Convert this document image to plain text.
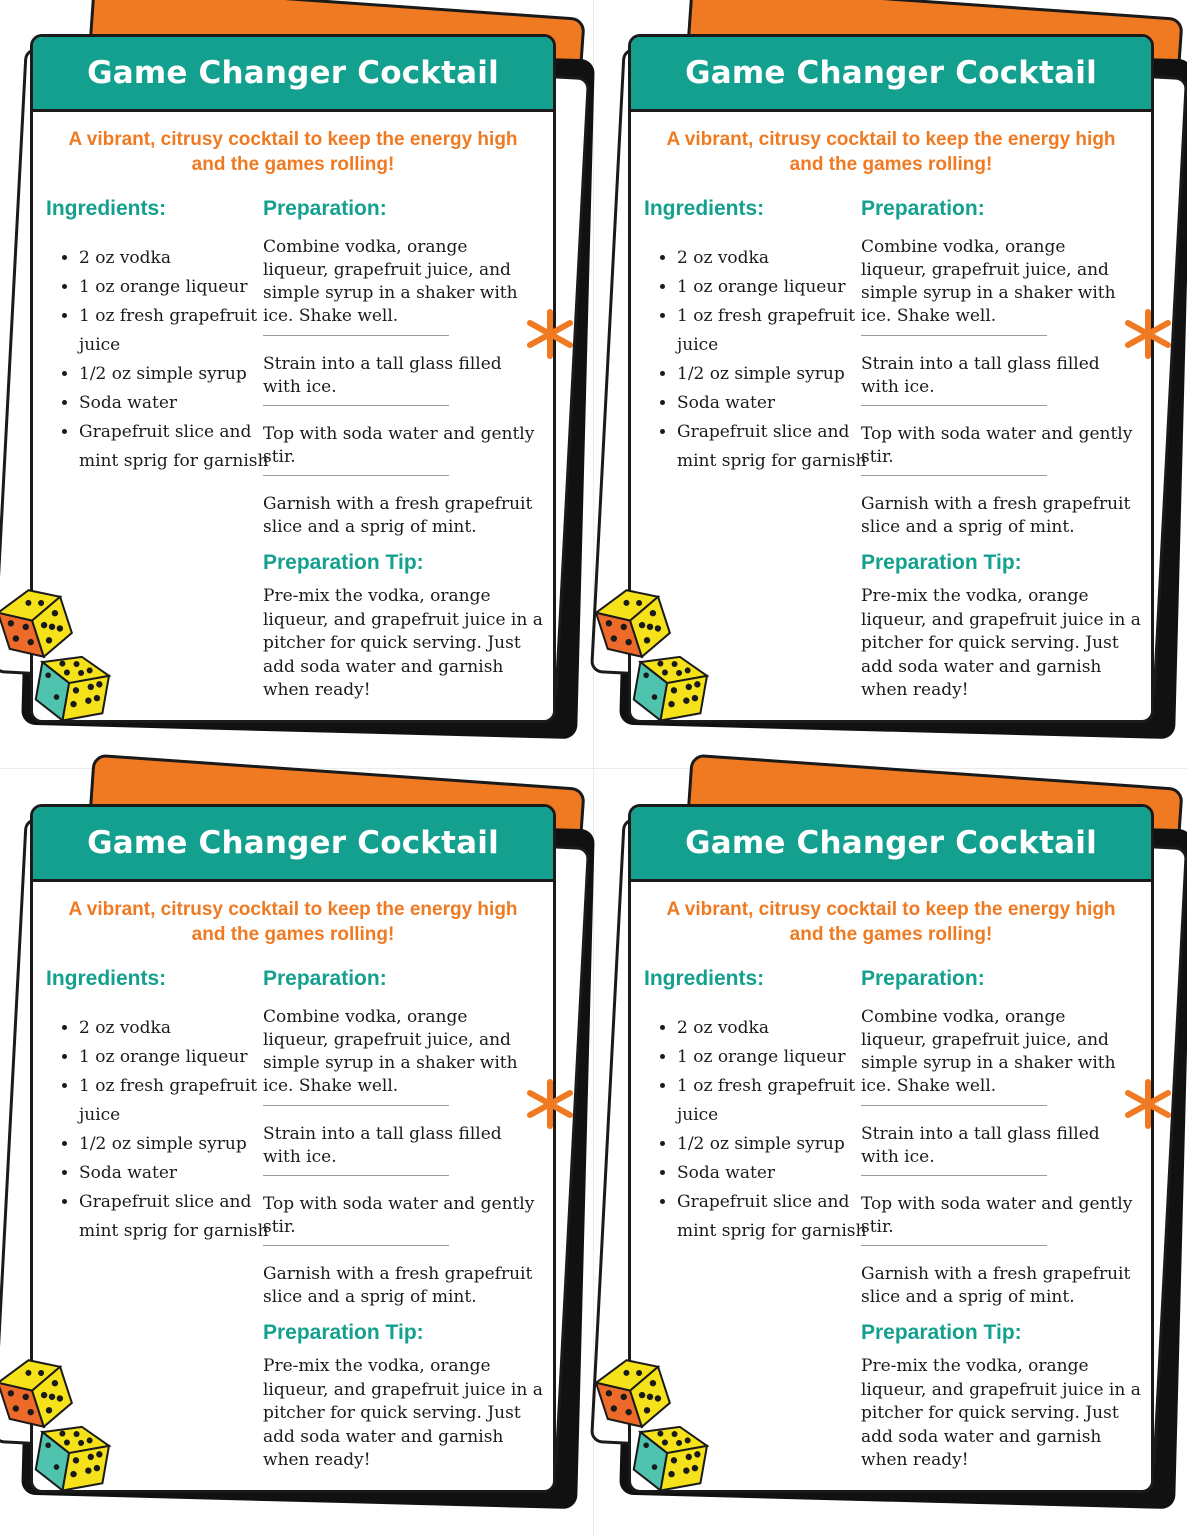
Game Changer Cocktail
A vibrant, citrusy cocktail to keep the energy high and the games rolling!
Ingredients:
• 2 oz vodka
• 1 oz orange liqueur
• 1 oz fresh grapefruit juice
• 1/2 oz simple syrup
• Soda water
• Grapefruit slice and mint sprig for garnish
Preparation:
Combine vodka, orange liqueur, grapefruit juice, and simple syrup in a shaker with ice. Shake well.
Strain into a tall glass filled with ice.
Top with soda water and gently stir.
Garnish with a fresh grapefruit slice and a sprig of mint.
Preparation Tip:
Pre-mix the vodka, orange liqueur, and grapefruit juice in a pitcher for quick serving. Just add soda water and garnish when ready!
Game Changer Cocktail
A vibrant, citrusy cocktail to keep the energy high and the games rolling!
Ingredients:
• 2 oz vodka
• 1 oz orange liqueur
• 1 oz fresh grapefruit juice
• 1/2 oz simple syrup
• Soda water
• Grapefruit slice and mint sprig for garnish
Preparation:
Combine vodka, orange liqueur, grapefruit juice, and simple syrup in a shaker with ice. Shake well.
Strain into a tall glass filled with ice.
Top with soda water and gently stir.
Garnish with a fresh grapefruit slice and a sprig of mint.
Preparation Tip:
Pre-mix the vodka, orange liqueur, and grapefruit juice in a pitcher for quick serving. Just add soda water and garnish when ready!
Game Changer Cocktail
A vibrant, citrusy cocktail to keep the energy high and the games rolling!
Ingredients:
• 2 oz vodka
• 1 oz orange liqueur
• 1 oz fresh grapefruit juice
• 1/2 oz simple syrup
• Soda water
• Grapefruit slice and mint sprig for garnish
Preparation:
Combine vodka, orange liqueur, grapefruit juice, and simple syrup in a shaker with ice. Shake well.
Strain into a tall glass filled with ice.
Top with soda water and gently stir.
Garnish with a fresh grapefruit slice and a sprig of mint.
Preparation Tip:
Pre-mix the vodka, orange liqueur, and grapefruit juice in a pitcher for quick serving. Just add soda water and garnish when ready!
Game Changer Cocktail
A vibrant, citrusy cocktail to keep the energy high and the games rolling!
Ingredients:
• 2 oz vodka
• 1 oz orange liqueur
• 1 oz fresh grapefruit juice
• 1/2 oz simple syrup
• Soda water
• Grapefruit slice and mint sprig for garnish
Preparation:
Combine vodka, orange liqueur, grapefruit juice, and simple syrup in a shaker with ice. Shake well.
Strain into a tall glass filled with ice.
Top with soda water and gently stir.
Garnish with a fresh grapefruit slice and a sprig of mint.
Preparation Tip:
Pre-mix the vodka, orange liqueur, and grapefruit juice in a pitcher for quick serving. Just add soda water and garnish when ready!
